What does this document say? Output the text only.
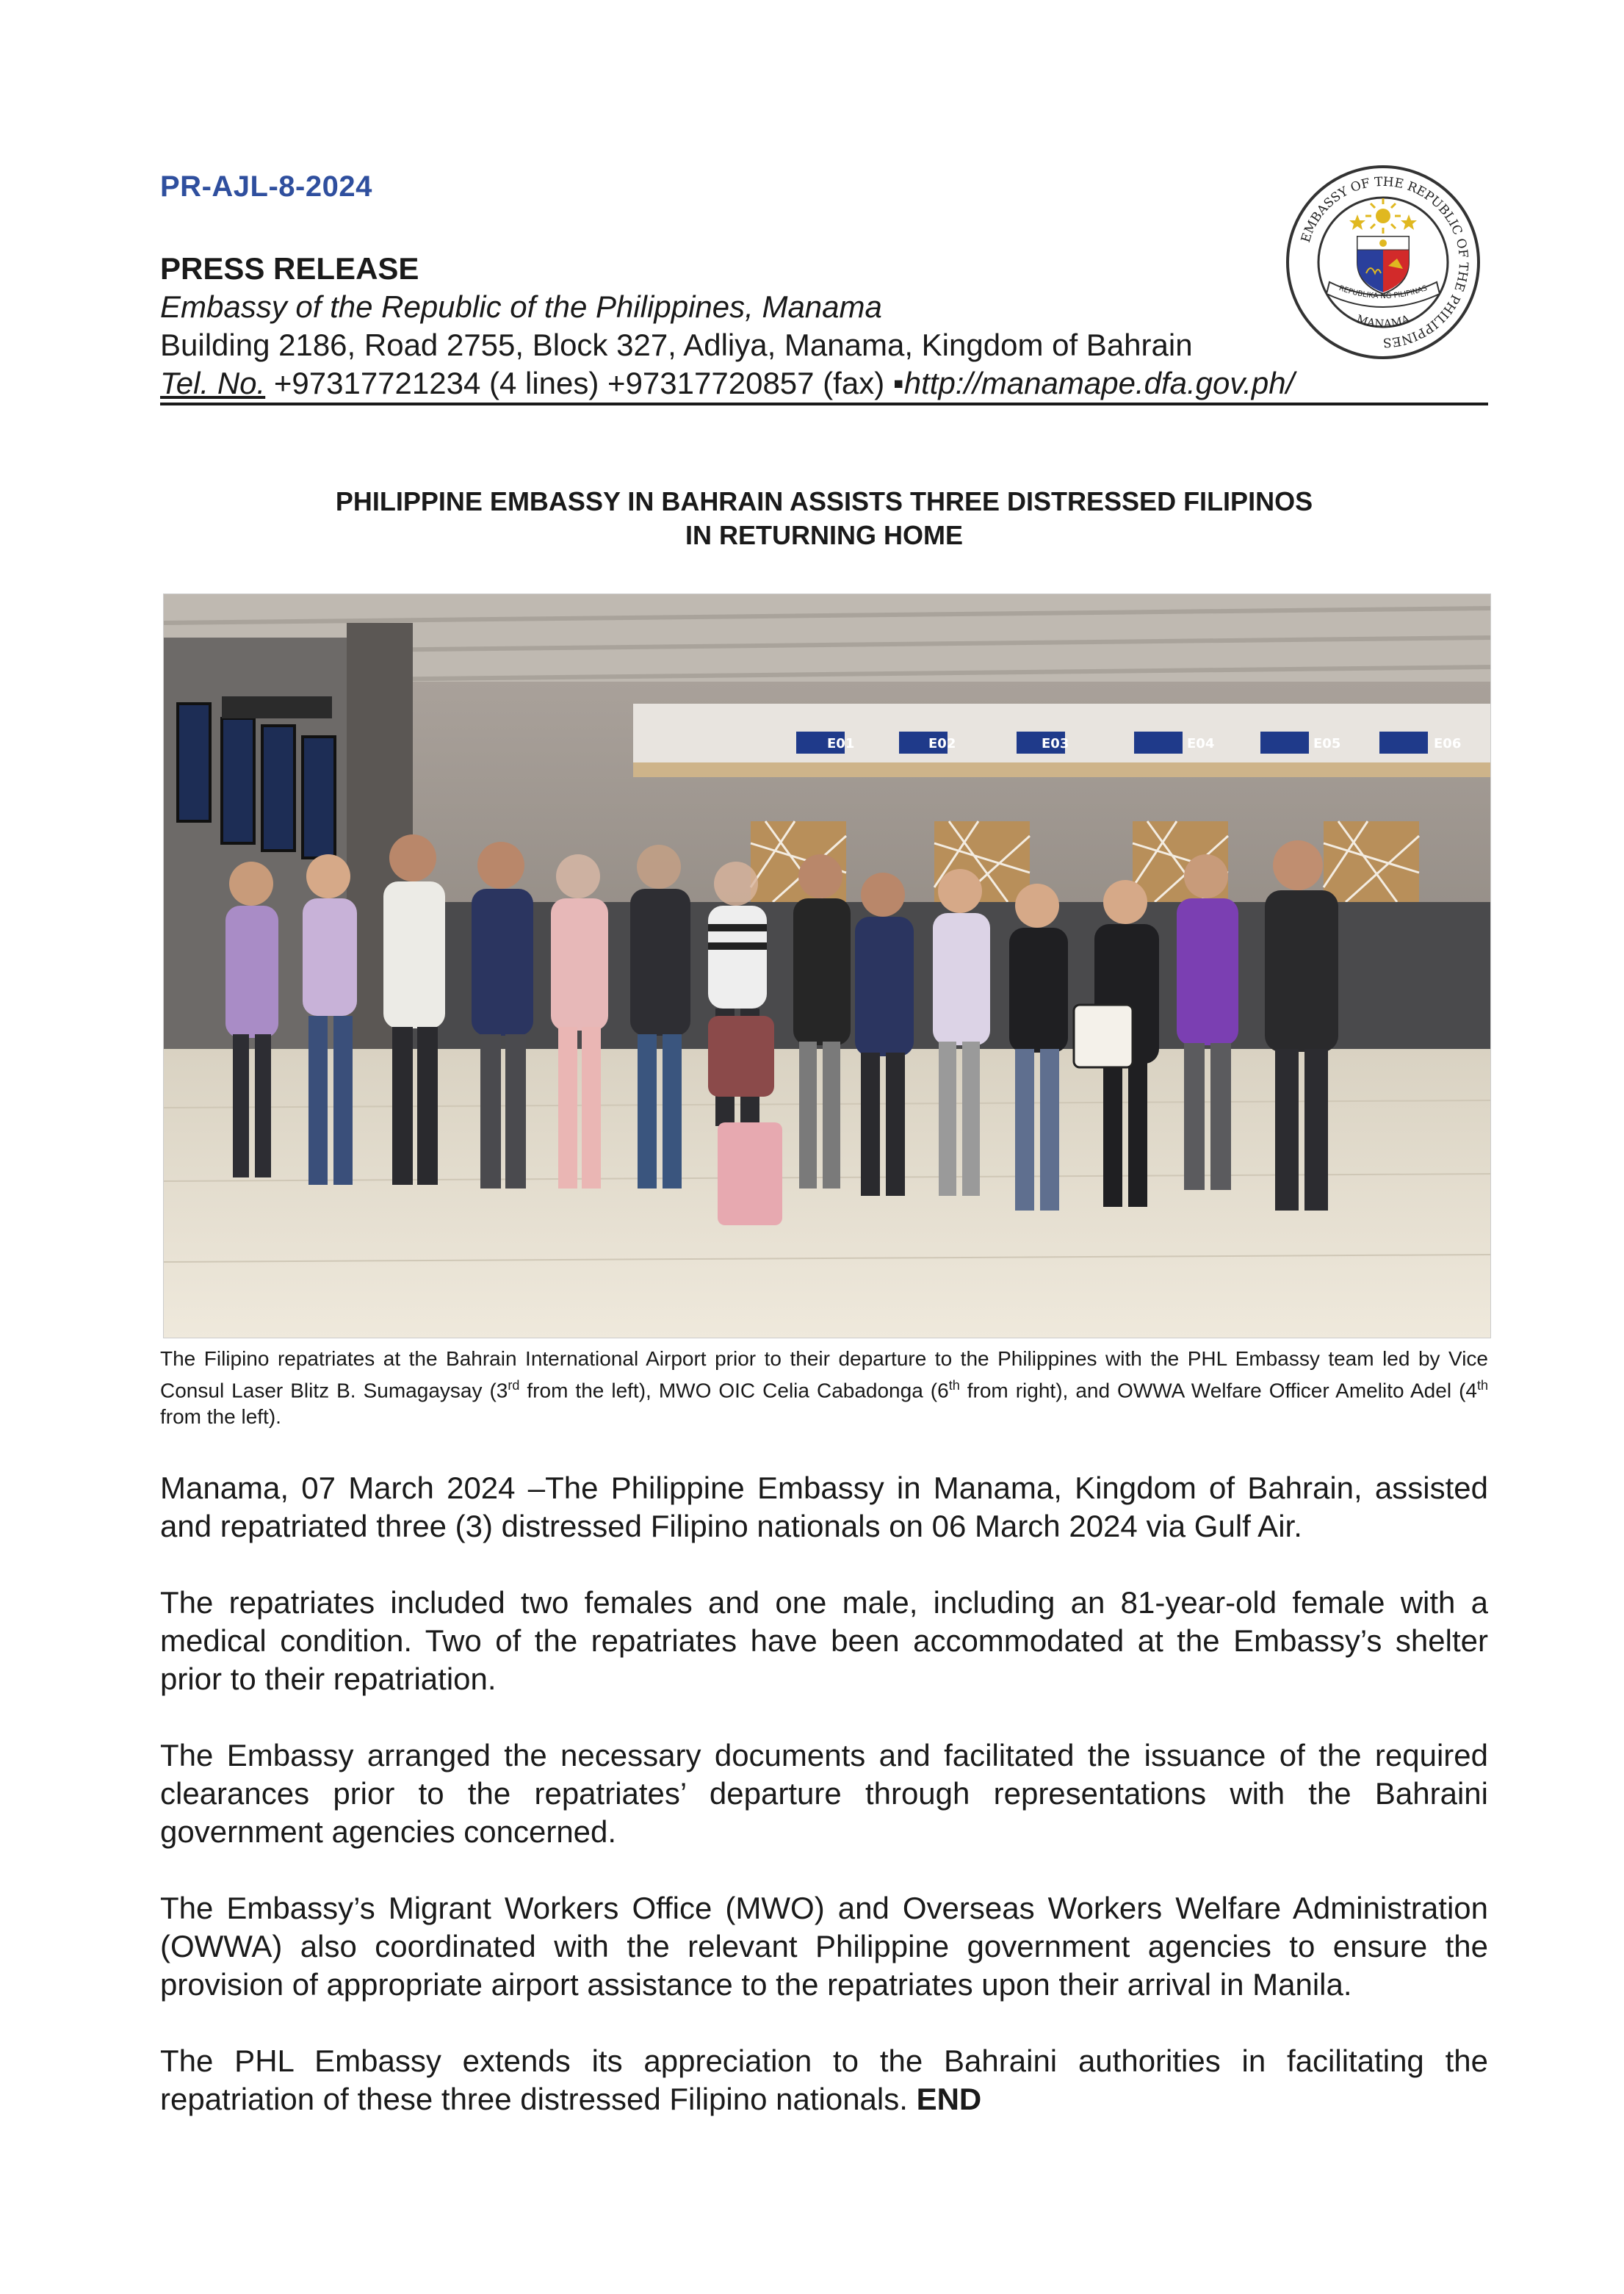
PR-AJL-8-2024
PRESS RELEASE
Embassy of the Republic of the Philippines, Manama
Building 2186, Road 2755, Block 327, Adliya, Manama, Kingdom of Bahrain
Tel. No. +97317721234 (4 lines) +97317720857 (fax) ▪http://manamape.dfa.gov.ph/
EMBASSY OF THE REPUBLIC OF THE PHILIPPINES
MANAMA
REPUBLIKA NG PILIPINAS
PHILIPPINE EMBASSY IN BAHRAIN ASSISTS THREE DISTRESSED FILIPINOS
IN RETURNING HOME
E01	E02	E03	E04	E05	E06
The Filipino repatriates at the Bahrain International Airport prior to their departure to the Philippines with the PHL Embassy team led by Vice Consul Laser Blitz B. Sumagaysay (3rd from the left), MWO OIC Celia Cabadonga (6th from right), and OWWA Welfare Officer Amelito Adel (4th from the left).

Manama, 07 March 2024 –The Philippine Embassy in Manama, Kingdom of Bahrain, assisted and repatriated three (3) distressed Filipino nationals on 06 March 2024 via Gulf Air.

The repatriates included two females and one male, including an 81-year-old female with a medical condition. Two of the repatriates have been accommodated at the Embassy’s shelter prior to their repatriation.

The Embassy arranged the necessary documents and facilitated the issuance of the required clearances prior to the repatriates’ departure through representations with the Bahraini government agencies concerned.

The Embassy’s Migrant Workers Office (MWO) and Overseas Workers Welfare Administration (OWWA) also coordinated with the relevant Philippine government agencies to ensure the provision of appropriate airport assistance to the repatriates upon their arrival in Manila.

The PHL Embassy extends its appreciation to the Bahraini authorities in facilitating the repatriation of these three distressed Filipino nationals. END
